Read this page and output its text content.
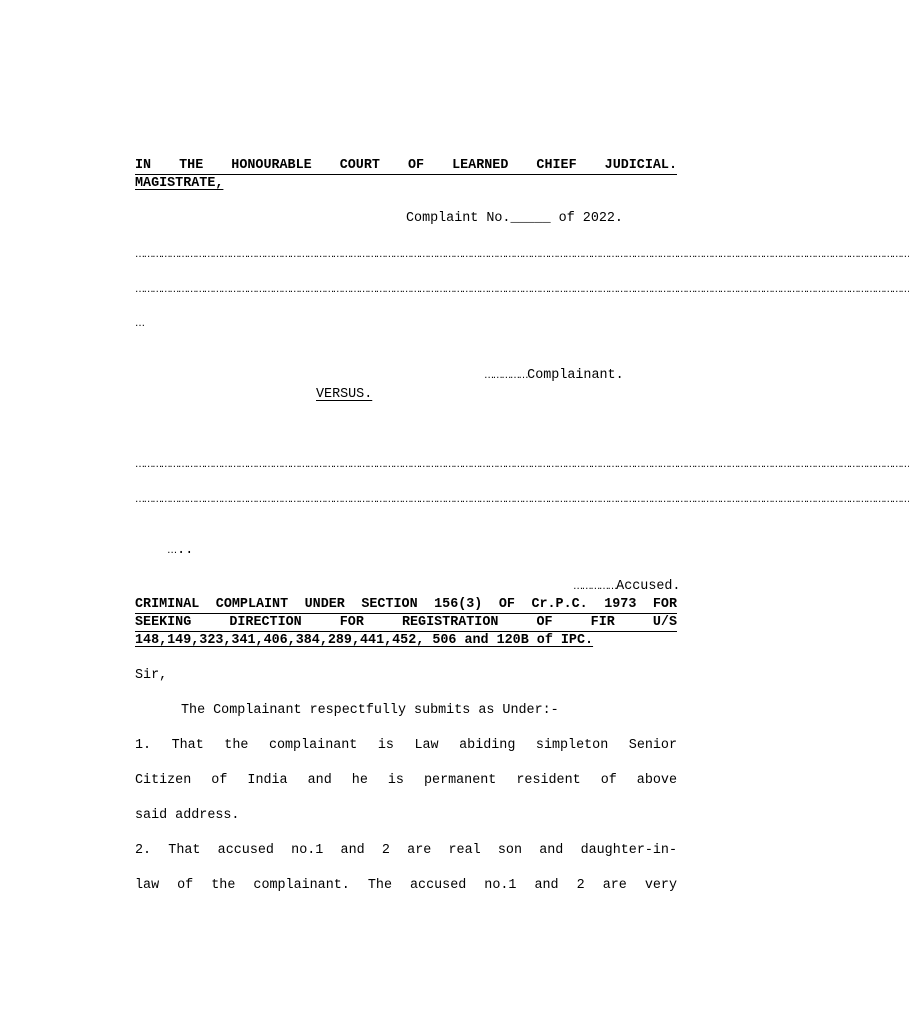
IN THE HONOURABLE COURT OF LEARNED CHIEF JUDICIAL.
MAGISTRATE,
Complaint No._____ of 2022.
………………………………………………………………………………………………………………………………………………………………………………………………………………………………………………
………………………………………………………………………………………………………………………………………………………………………………………………………………………………………………
…

……………Complainant.

VERSUS.
………………………………………………………………………………………………………………………………………………………………………………………………………………………………………………
………………………………………………………………………………………………………………………………………………………………………………………………………………………………………………

…..

……………Accused.

CRIMINAL COMPLAINT UNDER SECTION 156(3) OF Cr.P.C. 1973 FOR
SEEKING DIRECTION FOR REGISTRATION OF FIR U/S
148,149,323,341,406,384,289,441,452, 506 and 120B of IPC.
Sir,
The Complainant respectfully submits as Under:-
1. That the complainant is Law abiding simpleton Senior
Citizen of India and he is permanent resident of above
said address.
2. That accused no.1 and 2 are real son and daughter-in-
law of the complainant. The accused no.1 and 2 are very
